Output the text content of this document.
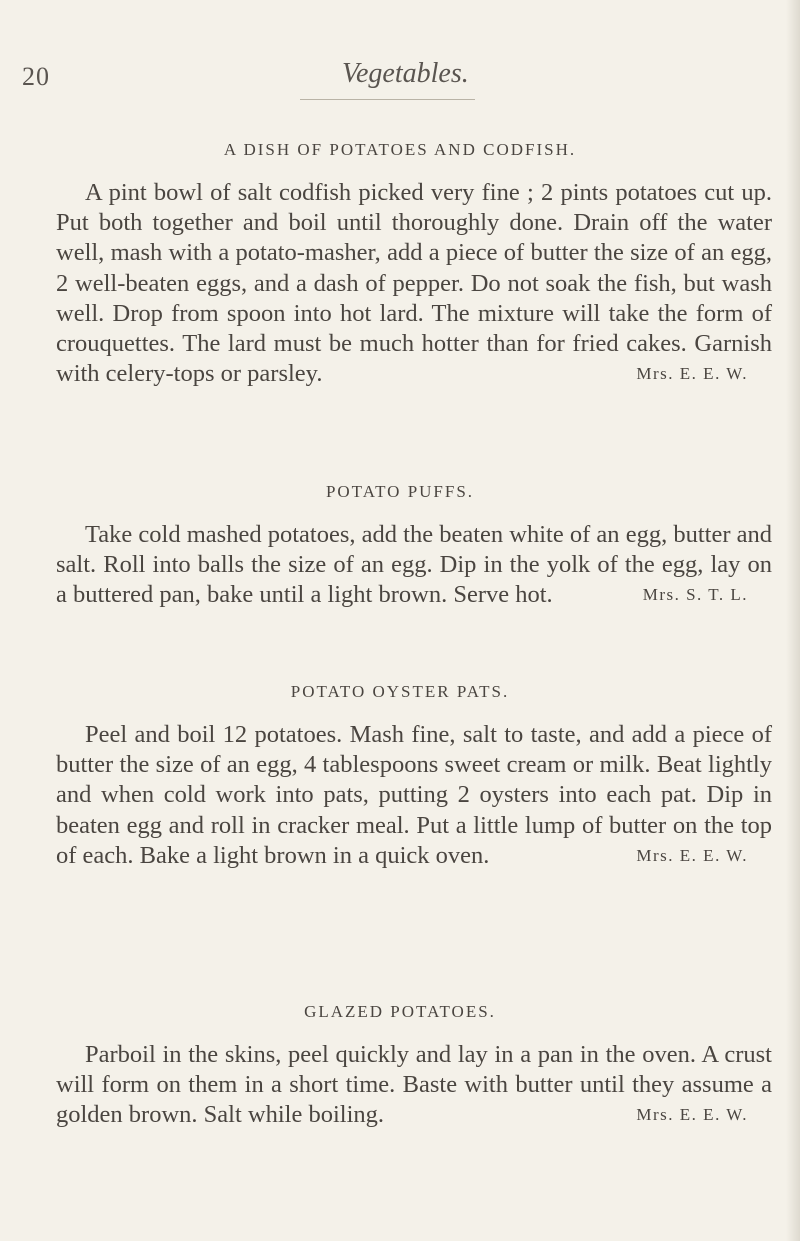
20	Vegetables.
A DISH OF POTATOES AND CODFISH.

A pint bowl of salt codfish picked very fine ; 2 pints potatoes cut up. Put both together and boil until thoroughly done. Drain off the water well, mash with a potato-masher, add a piece of butter the size of an egg, 2 well-beaten eggs, and a dash of pepper. Do not soak the fish, but wash well. Drop from spoon into hot lard. The mixture will take the form of crouquettes. The lard must be much hotter than for fried cakes. Garnish with celery-tops or parsley.	Mrs. E. E. W.

POTATO PUFFS.

Take cold mashed potatoes, add the beaten white of an egg, butter and salt. Roll into balls the size of an egg. Dip in the yolk of the egg, lay on a buttered pan, bake until a light brown. Serve hot.	Mrs. S. T. L.

POTATO OYSTER PATS.

Peel and boil 12 potatoes. Mash fine, salt to taste, and add a piece of butter the size of an egg, 4 tablespoons sweet cream or milk. Beat lightly and when cold work into pats, putting 2 oysters into each pat. Dip in beaten egg and roll in cracker meal. Put a little lump of butter on the top of each. Bake a light brown in a quick oven.	Mrs. E. E. W.

GLAZED POTATOES.

Parboil in the skins, peel quickly and lay in a pan in the oven. A crust will form on them in a short time. Baste with butter until they assume a golden brown. Salt while boiling.	Mrs. E. E. W.
